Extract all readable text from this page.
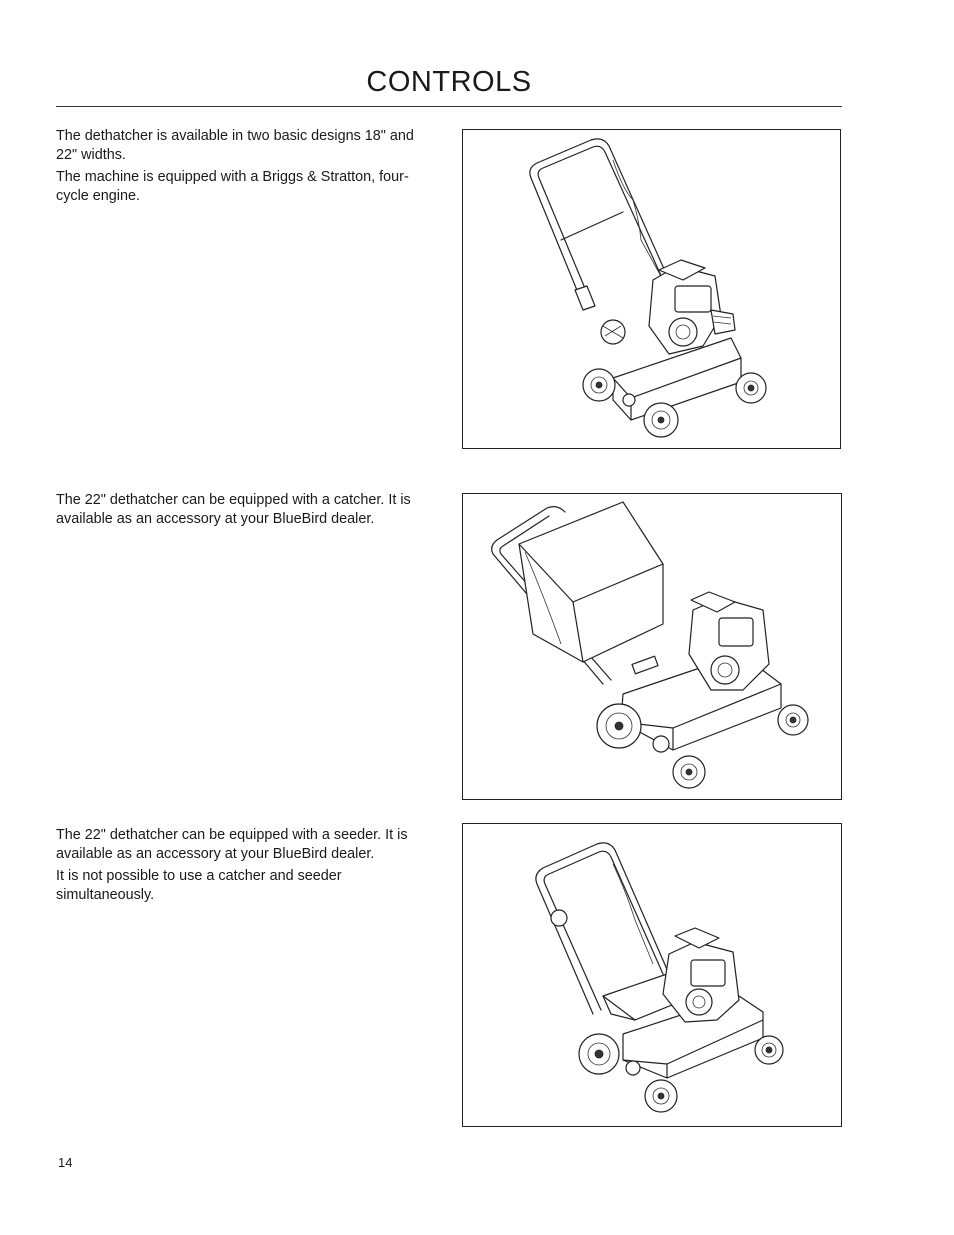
CONTROLS

The dethatcher is available in two basic designs 18" and 22" widths.

The machine is equipped with a Briggs & Stratton, four-cycle engine.

The 22" dethatcher can be equipped with a catcher. It is available as an accessory at your BlueBird dealer.

The 22" dethatcher can be equipped with a seeder. It is available as an accessory at your BlueBird dealer.

It is not possible to use a catcher and seeder simultaneously.

14
